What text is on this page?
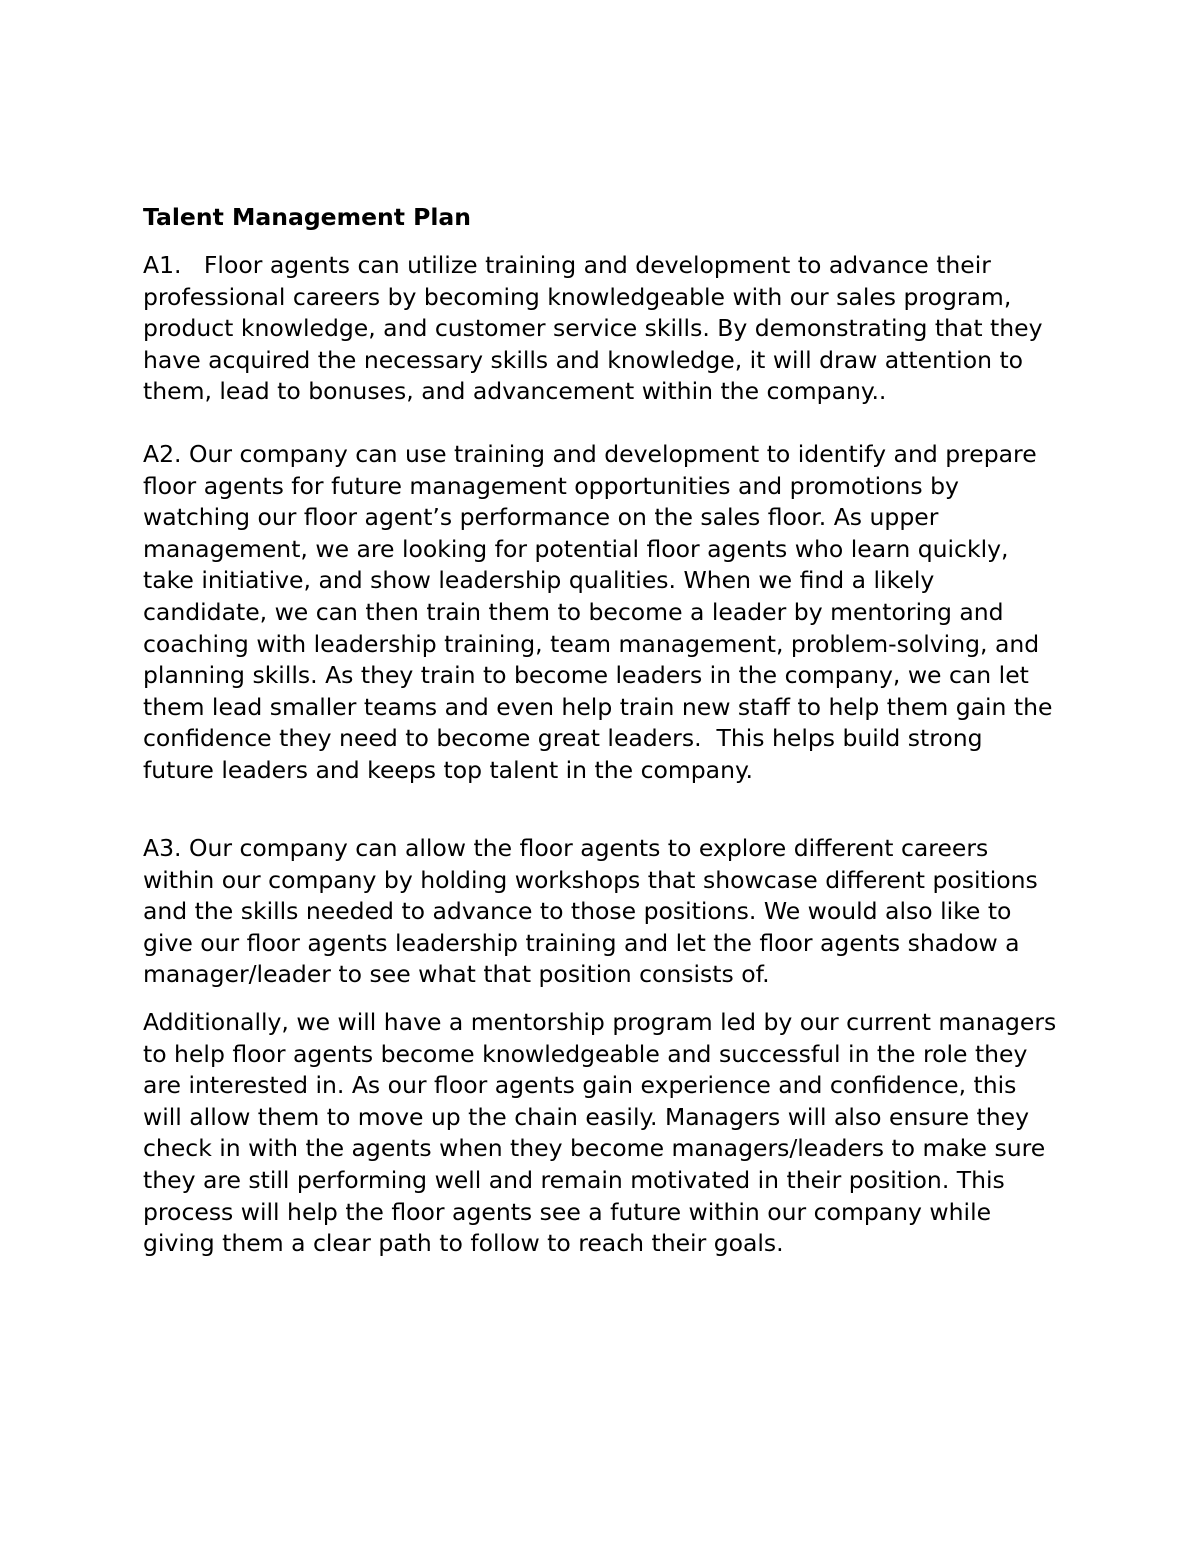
Talent Management Plan

A1.   Floor agents can utilize training and development to advance their
professional careers by becoming knowledgeable with our sales program,
product knowledge, and customer service skills. By demonstrating that they
have acquired the necessary skills and knowledge, it will draw attention to
them, lead to bonuses, and advancement within the company..

A2. Our company can use training and development to identify and prepare
floor agents for future management opportunities and promotions by
watching our floor agent’s performance on the sales floor. As upper
management, we are looking for potential floor agents who learn quickly,
take initiative, and show leadership qualities. When we find a likely
candidate, we can then train them to become a leader by mentoring and
coaching with leadership training, team management, problem-solving, and
planning skills. As they train to become leaders in the company, we can let
them lead smaller teams and even help train new staff to help them gain the
confidence they need to become great leaders.  This helps build strong
future leaders and keeps top talent in the company.

A3. Our company can allow the floor agents to explore different careers
within our company by holding workshops that showcase different positions
and the skills needed to advance to those positions. We would also like to
give our floor agents leadership training and let the floor agents shadow a
manager/leader to see what that position consists of.

Additionally, we will have a mentorship program led by our current managers
to help floor agents become knowledgeable and successful in the role they
are interested in. As our floor agents gain experience and confidence, this
will allow them to move up the chain easily. Managers will also ensure they
check in with the agents when they become managers/leaders to make sure
they are still performing well and remain motivated in their position. This
process will help the floor agents see a future within our company while
giving them a clear path to follow to reach their goals.
